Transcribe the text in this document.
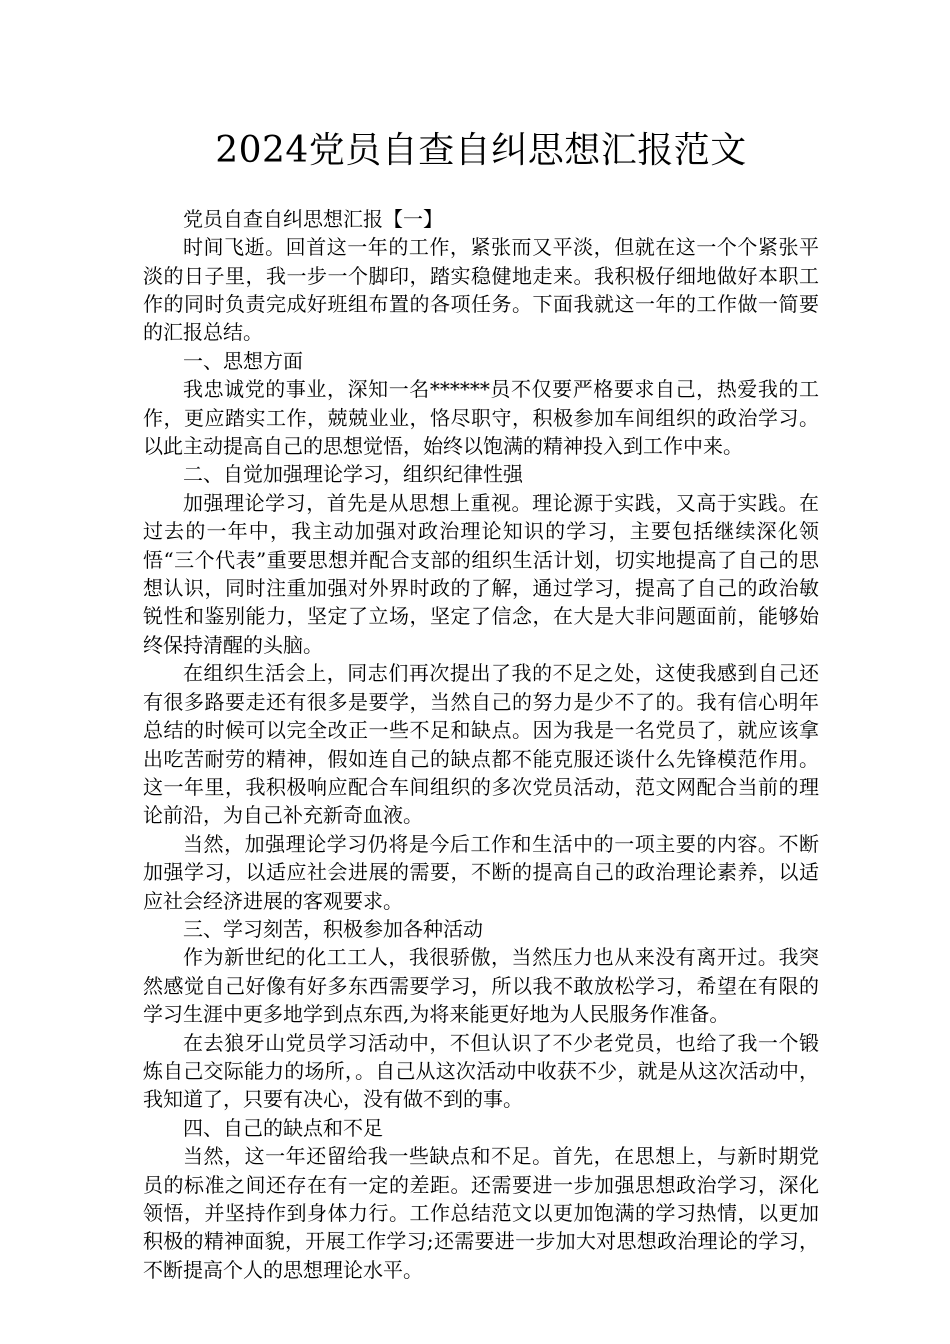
2024党员自查自纠思想汇报范文

党员自查自纠思想汇报【一】

时间飞逝。回首这一年的工作，紧张而又平淡，但就在这一个个紧张平淡的日子里，我一步一个脚印，踏实稳健地走来。我积极仔细地做好本职工作的同时负责完成好班组布置的各项任务。下面我就这一年的工作做一简要的汇报总结。

一、思想方面

我忠诚党的事业，深知一名******员不仅要严格要求自己，热爱我的工作，更应踏实工作，兢兢业业，恪尽职守，积极参加车间组织的政治学习。以此主动提高自己的思想觉悟，始终以饱满的精神投入到工作中来。

二、自觉加强理论学习，组织纪律性强

加强理论学习，首先是从思想上重视。理论源于实践，又高于实践。在过去的一年中，我主动加强对政治理论知识的学习，主要包括继续深化领悟“三个代表”重要思想并配合支部的组织生活计划，切实地提高了自己的思想认识，同时注重加强对外界时政的了解，通过学习，提高了自己的政治敏锐性和鉴别能力，坚定了立场，坚定了信念，在大是大非问题面前，能够始终保持清醒的头脑。

在组织生活会上，同志们再次提出了我的不足之处，这使我感到自己还有很多路要走还有很多是要学，当然自己的努力是少不了的。我有信心明年总结的时候可以完全改正一些不足和缺点。因为我是一名党员了，就应该拿出吃苦耐劳的精神，假如连自己的缺点都不能克服还谈什么先锋模范作用。这一年里，我积极响应配合车间组织的多次党员活动，范文网配合当前的理论前沿，为自己补充新奇血液。

当然，加强理论学习仍将是今后工作和生活中的一项主要的内容。不断加强学习，以适应社会进展的需要，不断的提高自己的政治理论素养，以适应社会经济进展的客观要求。

三、学习刻苦，积极参加各种活动

作为新世纪的化工工人，我很骄傲，当然压力也从来没有离开过。我突然感觉自己好像有好多东西需要学习，所以我不敢放松学习，希望在有限的学习生涯中更多地学到点东西,为将来能更好地为人民服务作准备。

在去狼牙山党员学习活动中，不但认识了不少老党员，也给了我一个锻炼自己交际能力的场所，。自己从这次活动中收获不少，就是从这次活动中，我知道了，只要有决心，没有做不到的事。

四、自己的缺点和不足

当然，这一年还留给我一些缺点和不足。首先，在思想上，与新时期党员的标准之间还存在有一定的差距。还需要进一步加强思想政治学习，深化领悟，并坚持作到身体力行。工作总结范文以更加饱满的学习热情，以更加积极的精神面貌，开展工作学习;还需要进一步加大对思想政治理论的学习，不断提高个人的思想理论水平。
